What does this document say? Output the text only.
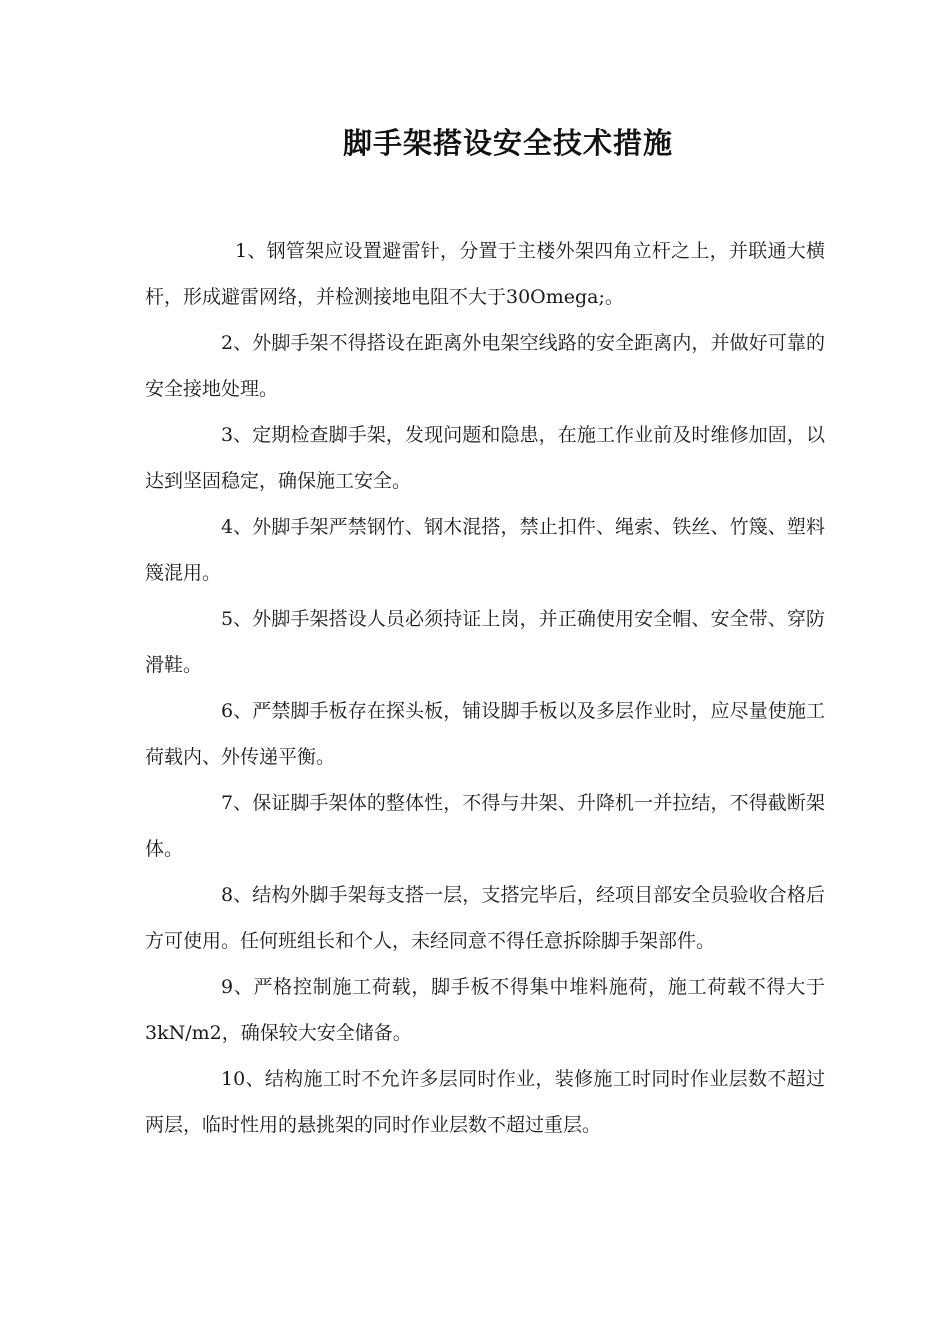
脚手架搭设安全技术措施

1、钢管架应设置避雷针，分置于主楼外架四角立杆之上，并联通大横杆，形成避雷网络，并检测接地电阻不大于30Omega;。

2、外脚手架不得搭设在距离外电架空线路的安全距离内，并做好可靠的安全接地处理。

3、定期检查脚手架，发现问题和隐患，在施工作业前及时维修加固，以达到坚固稳定，确保施工安全。

4、外脚手架严禁钢竹、钢木混搭，禁止扣件、绳索、铁丝、竹篾、塑料篾混用。

5、外脚手架搭设人员必须持证上岗，并正确使用安全帽、安全带、穿防滑鞋。

6、严禁脚手板存在探头板，铺设脚手板以及多层作业时，应尽量使施工荷载内、外传递平衡。

7、保证脚手架体的整体性，不得与井架、升降机一并拉结，不得截断架体。

8、结构外脚手架每支搭一层，支搭完毕后，经项目部安全员验收合格后方可使用。任何班组长和个人，未经同意不得任意拆除脚手架部件。

9、严格控制施工荷载，脚手板不得集中堆料施荷，施工荷载不得大于3kN/m2，确保较大安全储备。

10、结构施工时不允许多层同时作业，装修施工时同时作业层数不超过两层，临时性用的悬挑架的同时作业层数不超过重层。
